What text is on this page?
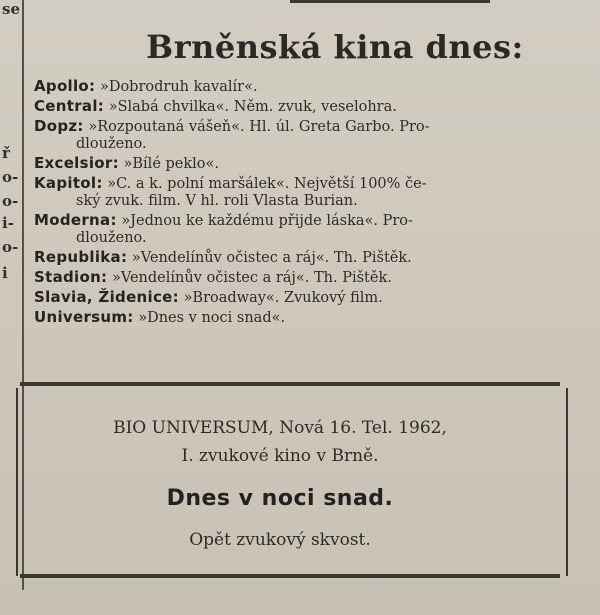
se
ř
o-
o-
i-
o-
i
Brněnská kina dnes:
Apollo: »Dobrodruh kavalír«.
Central: »Slabá chvilka«. Něm. zvuk, veselohra.
Dopz: »Rozpoutaná vášeň«. Hl. úl. Greta Garbo. Pro-
dlouženo.
Excelsior: »Bílé peklo«.
Kapitol: »C. a k. polní maršálek«. Největší 100% če-
ský zvuk. film. V hl. roli Vlasta Burian.
Moderna: »Jednou ke každému přijde láska«. Pro-
dlouženo.
Republika: »Vendelínův očistec a ráj«. Th. Pištěk.
Stadion: »Vendelínův očistec a ráj«. Th. Pištěk.
Slavia, Židenice: »Broadway«. Zvukový film.
Universum: »Dnes v noci snad«.
BIO UNIVERSUM, Nová 16. Tel. 1962,
I. zvukové kino v Brně.
Dnes v noci snad.
Opět zvukový skvost.
